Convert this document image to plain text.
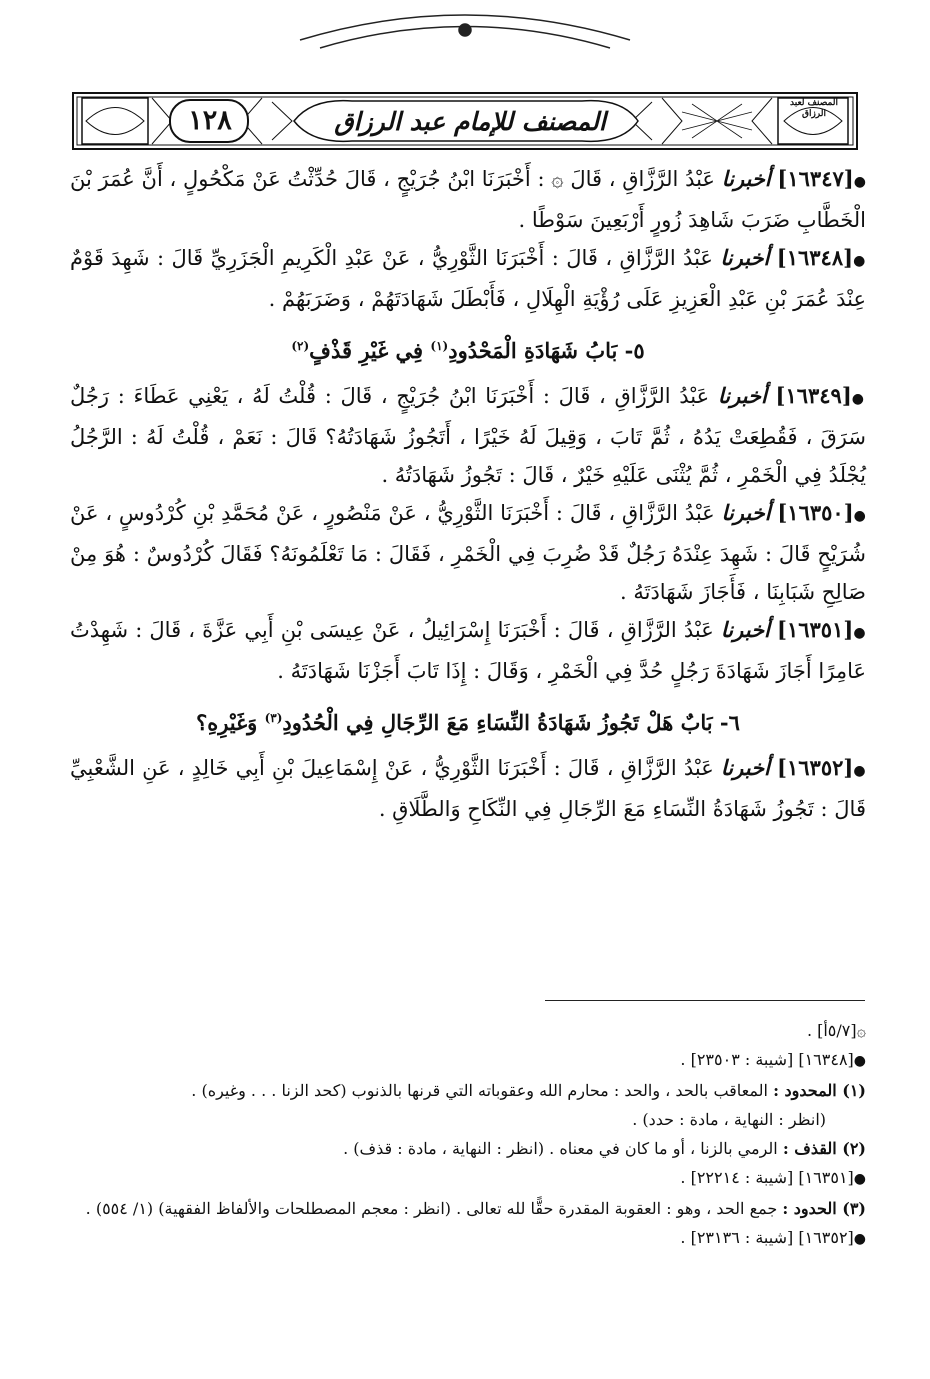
١٢٨	المصنف للإمام عبد الرزاق
المصنف لعبد الرزاق

●[١٦٣٤٧] أخبرنا عَبْدُ الرَّزَّاقِ ، قَالَ ۞ : أَخْبَرَنَا ابْنُ جُرَيْجٍ ، قَالَ حُدِّثْتُ عَنْ مَكْحُولٍ ، أَنَّ عُمَرَ بْنَ الْخَطَّابِ ضَرَبَ شَاهِدَ زُورٍ أَرْبَعِينَ سَوْطًا .

●[١٦٣٤٨] أخبرنا عَبْدُ الرَّزَّاقِ ، قَالَ : أَخْبَرَنَا الثَّوْرِيُّ ، عَنْ عَبْدِ الْكَرِيمِ الْجَزَرِيِّ قَالَ : شَهِدَ قَوْمٌ عِنْدَ عُمَرَ بْنِ عَبْدِ الْعَزِيزِ عَلَى رُؤْيَةِ الْهِلَالِ ، فَأَبْطَلَ شَهَادَتَهُمْ ، وَضَرَبَهُمْ .

٥- بَابُ شَهَادَةِ الْمَحْدُودِ$^{(١)}$ فِي غَيْرِ قَذْفٍ$^{(٢)}$

●[١٦٣٤٩] أخبرنا عَبْدُ الرَّزَّاقِ ، قَالَ : أَخْبَرَنَا ابْنُ جُرَيْجٍ ، قَالَ : قُلْتُ لَهُ ، يَعْنِي عَطَاءَ : رَجُلٌ سَرَقَ ، فَقُطِعَتْ يَدُهُ ، ثُمَّ تَابَ ، وَقِيلَ لَهُ خَيْرًا ، أَتَجُوزُ شَهَادَتُهُ؟ قَالَ : نَعَمْ ، قُلْتُ لَهُ : الرَّجُلُ يُجْلَدُ فِي الْخَمْرِ ، ثُمَّ يُثْنَى عَلَيْهِ خَيْرٌ ، قَالَ : تَجُوزُ شَهَادَتُهُ .

●[١٦٣٥٠] أخبرنا عَبْدُ الرَّزَّاقِ ، قَالَ : أَخْبَرَنَا الثَّوْرِيُّ ، عَنْ مَنْصُورٍ ، عَنْ مُحَمَّدِ بْنِ كُرْدُوسٍ ، عَنْ شُرَيْحٍ قَالَ : شَهِدَ عِنْدَهُ رَجُلٌ قَدْ ضُرِبَ فِي الْخَمْرِ ، فَقَالَ : مَا تَعْلَمُونَهُ؟ فَقَالَ كُرْدُوسٌ : هُوَ مِنْ صَالِحِ شَبَابِنَا ، فَأَجَازَ شَهَادَتَهُ .

●[١٦٣٥١] أخبرنا عَبْدُ الرَّزَّاقِ ، قَالَ : أَخْبَرَنَا إِسْرَائِيلُ ، عَنْ عِيسَى بْنِ أَبِي عَزَّةَ ، قَالَ : شَهِدْتُ عَامِرًا أَجَازَ شَهَادَةَ رَجُلٍ حُدَّ فِي الْخَمْرِ ، وَقَالَ : إِذَا تَابَ أَجَزْنَا شَهَادَتَهُ .

٦- بَابٌ هَلْ تَجُوزُ شَهَادَةُ النِّسَاءِ مَعَ الرِّجَالِ فِي الْحُدُودِ$^{(٣)}$ وَغَيْرِهِ؟

●[١٦٣٥٢] أخبرنا عَبْدُ الرَّزَّاقِ ، قَالَ : أَخْبَرَنَا الثَّوْرِيُّ ، عَنْ إِسْمَاعِيلَ بْنِ أَبِي خَالِدٍ ، عَنِ الشَّعْبِيِّ قَالَ : تَجُوزُ شَهَادَةُ النِّسَاءِ مَعَ الرِّجَالِ فِي النِّكَاحِ وَالطَّلَاقِ .

۞[٥/٧أ] .

●[١٦٣٤٨] [شيبة : ٢٣٥٠٣] .

(١) المحدود : المعاقب بالحد ، والحد : محارم الله وعقوباته التي قرنها بالذنوب (كحد الزنا . . . وغيره) .

(انظر : النهاية ، مادة : حدد) .

(٢) القذف : الرمي بالزنا ، أو ما كان في معناه . (انظر : النهاية ، مادة : قذف) .

●[١٦٣٥١] [شيبة : ٢٢٢١٤] .

(٣) الحدود : جمع الحد ، وهو : العقوبة المقدرة حقًّا لله تعالى . (انظر : معجم المصطلحات والألفاظ الفقهية) (١/ ٥٥٤) .

●[١٦٣٥٢] [شيبة : ٢٣١٣٦] .
